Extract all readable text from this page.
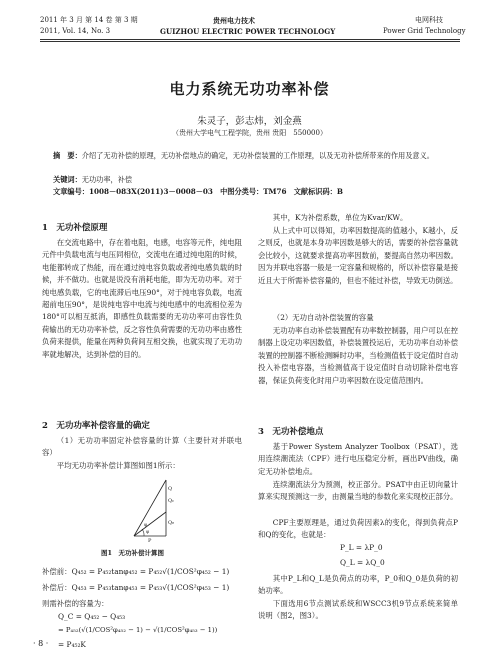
2011 年 3 月 第 14 卷 第 3 期	贵州电力技术	电网科技
2011, Vol. 14, No. 3	GUIZHOU ELECTRIC POWER TECHNOLOGY	Power Grid Technology
电力系统无功功率补偿
朱灵子，彭志炜，刘金燕
（贵州大学电气工程学院，贵州 贵阳　550000）
摘　要：介绍了无功补偿的原理，无功补偿地点的确定，无功补偿装置的工作原理，以及无功补偿所带来的作用及意义。
关键词：无功功率，补偿
文章编号：1008－083X(2011)3－0008－03　中图分类号：TM76　文献标识码：B
1　无功补偿原理
在交流电路中，存在着电阻，电感，电容等元件，纯电阻元件中负载电流与电压同相位，交流电在通过纯电阻的时候，电能都转成了热能，而在通过纯电容负载或者纯电感负载的时候，并不做功。也就是说没有消耗电能，即为无功功率。对于纯电感负载，它的电流滞后电压90°，对于纯电容负载，电流超前电压90°，是说纯电容中电流与纯电感中的电流相位差为180°可以相互抵消，即感性负载需要的无功功率可由容性负荷输出的无功功率补偿，反之容性负荷需要的无功功率由感性负荷来提供，能量在两种负荷间互相交换，也就实现了无功功率就地解决，达到补偿的目的。
2　无功功率补偿容量的确定
（1）无功功率固定补偿容量的计算（主要针对并联电容）
平均无功功率补偿计算图如图1所示：
Q
Qc
Qe
φ
φ
P
图1　无功补偿计算图
补偿前：Q₄₅₂ = P₄₅₂tanφ₄₅₂ = P₄₅₂√(1/COS²φ₄₅₂ − 1)
补偿后：Q₄₅₃ = P₄₅₃tanφ₄₅₃ = P₄₅₃√(1/COS²φ₄₅₃ − 1)
则需补偿的容量为：
Q_C = Q₄₅₂ − Q₄₅₃
= P₄₅₂(√(1/COS²φ₄₅₂ − 1) − √(1/COS²φ₄₅₃ − 1))
= P₄₅₂K
· 8 ·
其中，K为补偿系数，单位为Kvar/KW。
从上式中可以得知，功率因数提高的值越小，K越小，反之则反，也就是本身功率因数是够大的话，需要的补偿容量就会比较小，这就要求提高功率因数前，要提高自然功率因数。因为并联电容器一般是一定容量和规格的，所以补偿容量是接近且大于所需补偿容量的，但也不能过补偿，导致无功倒送。
（2）无功自动补偿装置的容量
无功功率自动补偿装置配有功率数控制器，用户可以在控制器上设定功率因数值，补偿装置投运后，无功功率自动补偿装置的控制器不断检测瞬时功率，当检测值低于设定值时自动投入补偿电容器，当检测值高于设定值时自动切除补偿电容器，保证负荷变化时用户功率因数在设定值范围内。
3　无功补偿地点
基于Power System Analyzer Toolbox（PSAT），选用连续潮流法（CPF）进行电压稳定分析，画出PV曲线，确定无功补偿地点。
连续潮流法分为预测，校正部分。PSAT中由正切向量计算来实现预测这一步，由测量当地的参数化来实现校正部分。
CPF主要原理是，通过负荷因素λ的变化，得到负荷点P和Q的变化，也就是：
P_L = λP_0
Q_L = λQ_0
其中P_L和Q_L是负荷点的功率，P_0和Q_0是负荷的初始功率。
下面选用6节点测试系统和WSCC3机9节点系统来简单说明（图2，图3）。
